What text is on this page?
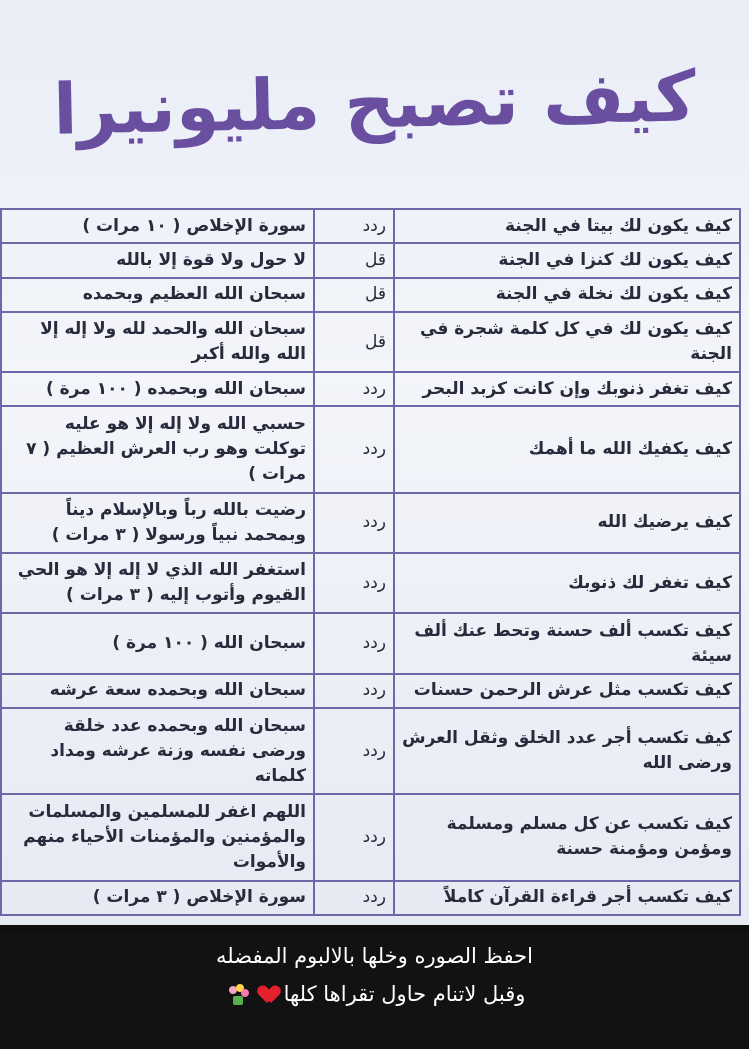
كيف تصبح مليونيرا
كيف يكون لك بيتا في الجنة	ردد	سورة الإخلاص ( ١٠ مرات )
كيف يكون لك كنزا في الجنة	قل	لا حول ولا قوة إلا بالله
كيف يكون لك نخلة في الجنة	قل	سبحان الله العظيم وبحمده
كيف يكون لك في كل كلمة شجرة في الجنة	قل	سبحان الله والحمد لله ولا إله إلا الله والله أكبر
كيف تغفر ذنوبك وإن كانت كزبد البحر	ردد	سبحان الله وبحمده ( ١٠٠ مرة )
كيف يكفيك الله ما أهمك	ردد	حسبي الله ولا إله إلا هو عليه توكلت وهو رب العرش العظيم ( ٧ مرات )
كيف يرضيك الله	ردد	رضيت بالله رباً وبالإسلام ديناً وبمحمد نبياً ورسولا ( ٣ مرات )
كيف تغفر لك ذنوبك	ردد	استغفر الله الذي لا إله إلا هو الحي القيوم وأتوب إليه ( ٣ مرات )
كيف تكسب ألف حسنة وتحط عنك ألف سيئة	ردد	سبحان الله ( ١٠٠ مرة )
كيف تكسب مثل عرش الرحمن حسنات	ردد	سبحان الله وبحمده سعة عرشه
كيف تكسب أجر عدد الخلق وثقل العرش ورضى الله	ردد	سبحان الله وبحمده عدد خلقة ورضى نفسه وزنة عرشه ومداد كلماته
كيف تكسب عن كل مسلم ومسلمة ومؤمن ومؤمنة حسنة	ردد	اللهم اغفر للمسلمين والمسلمات والمؤمنين والمؤمنات الأحياء منهم والأموات
كيف تكسب أجر قراءة القرآن كاملاً	ردد	سورة الإخلاص ( ٣ مرات )
احفظ الصوره وخلها بالالبوم المفضله
وقبل لاتنام حاول تقراها كلها
